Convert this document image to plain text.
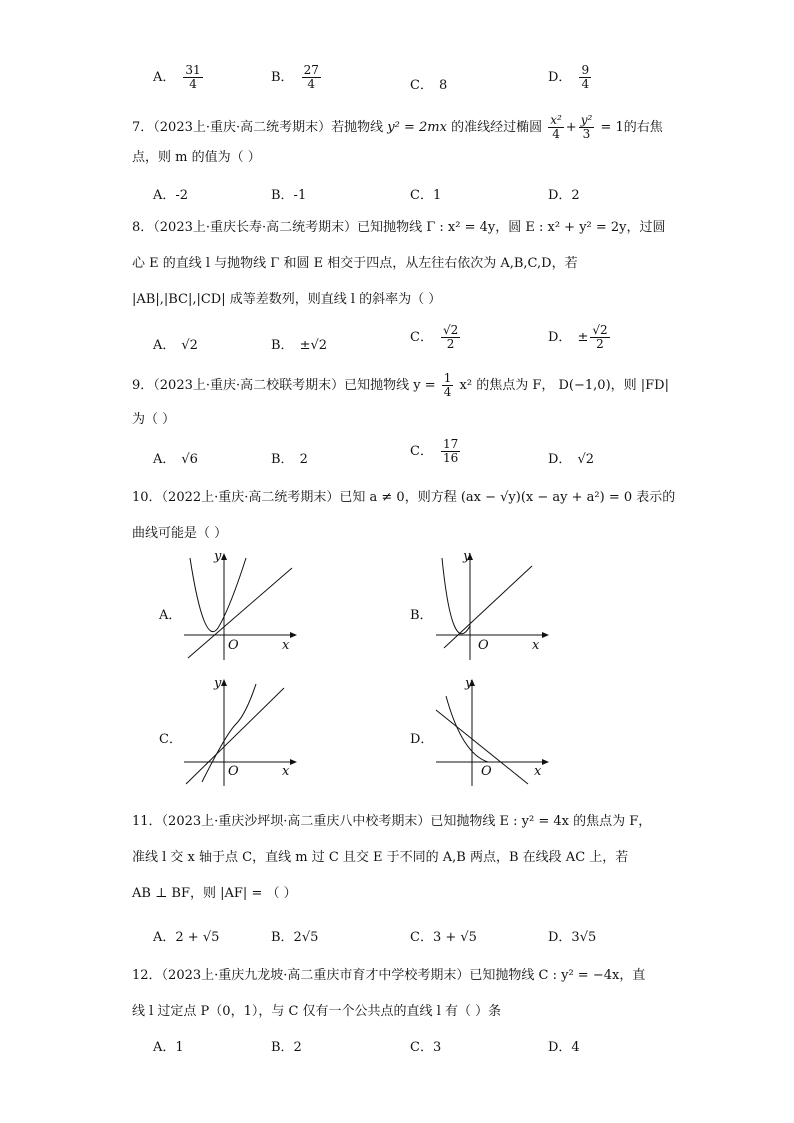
A． $\frac{31}{4}$	B． $\frac{27}{4}$	C． 8
D． $\frac{9}{4}$
7．（2023上·重庆·高二统考期末）若抛物线 y² = 2mx 的准线经过椭圆 $\frac{\text{x²}}{4} + \frac{\text{y²}}{3} = 1$的右焦
点，则 m 的值为（ ）
A．-2	B．-1	C．1	D．2
8．（2023上·重庆长寿·高二统考期末）已知抛物线 Γ : x² = 4y，圆 E : x² + y² = 2y，过圆
心 E 的直线 l 与抛物线 Γ 和圆 E 相交于四点，从左往右依次为 A,B,C,D，若
|AB|,|BC|,|CD| 成等差数列，则直线 l 的斜率为（ ）
A． √2	B． ±√2
C． $\frac{√2}{2}$	D． ± $\frac{√2}{2}$
9．（2023上·重庆·高二校联考期末）已知抛物线 $y = \frac{1}{4} x^2$ 的焦点为 F， D(−1,0)，则 |FD|
为（ ）
A． √6	B． 2
C． $\frac{17}{16}$	D． √2
10．（2022上·重庆·高二统考期末）已知 a ≠ 0，则方程 (ax − √y)(x − ay + a²) = 0 表示的
曲线可能是（ ）
A．
y
x
O
B．
y
x
O
C．
y
x
O
D．
y
x
O
11．（2023上·重庆沙坪坝·高二重庆八中校考期末）已知抛物线 E : y² = 4x 的焦点为 F，
准线 l 交 x 轴于点 C，直线 m 过 C 且交 E 于不同的 A,B 两点，B 在线段 AC 上，若
AB ⊥ BF，则 |AF| = （ ）
A．2 + √5	B．2√5	C．3 + √5	D．3√5
12．（2023上·重庆九龙坡·高二重庆市育才中学校考期末）已知抛物线 C : y² = −4x，直
线 l 过定点 P（0，1），与 C 仅有一个公共点的直线 l 有（ ）条
A．1	B．2	C．3	D．4
